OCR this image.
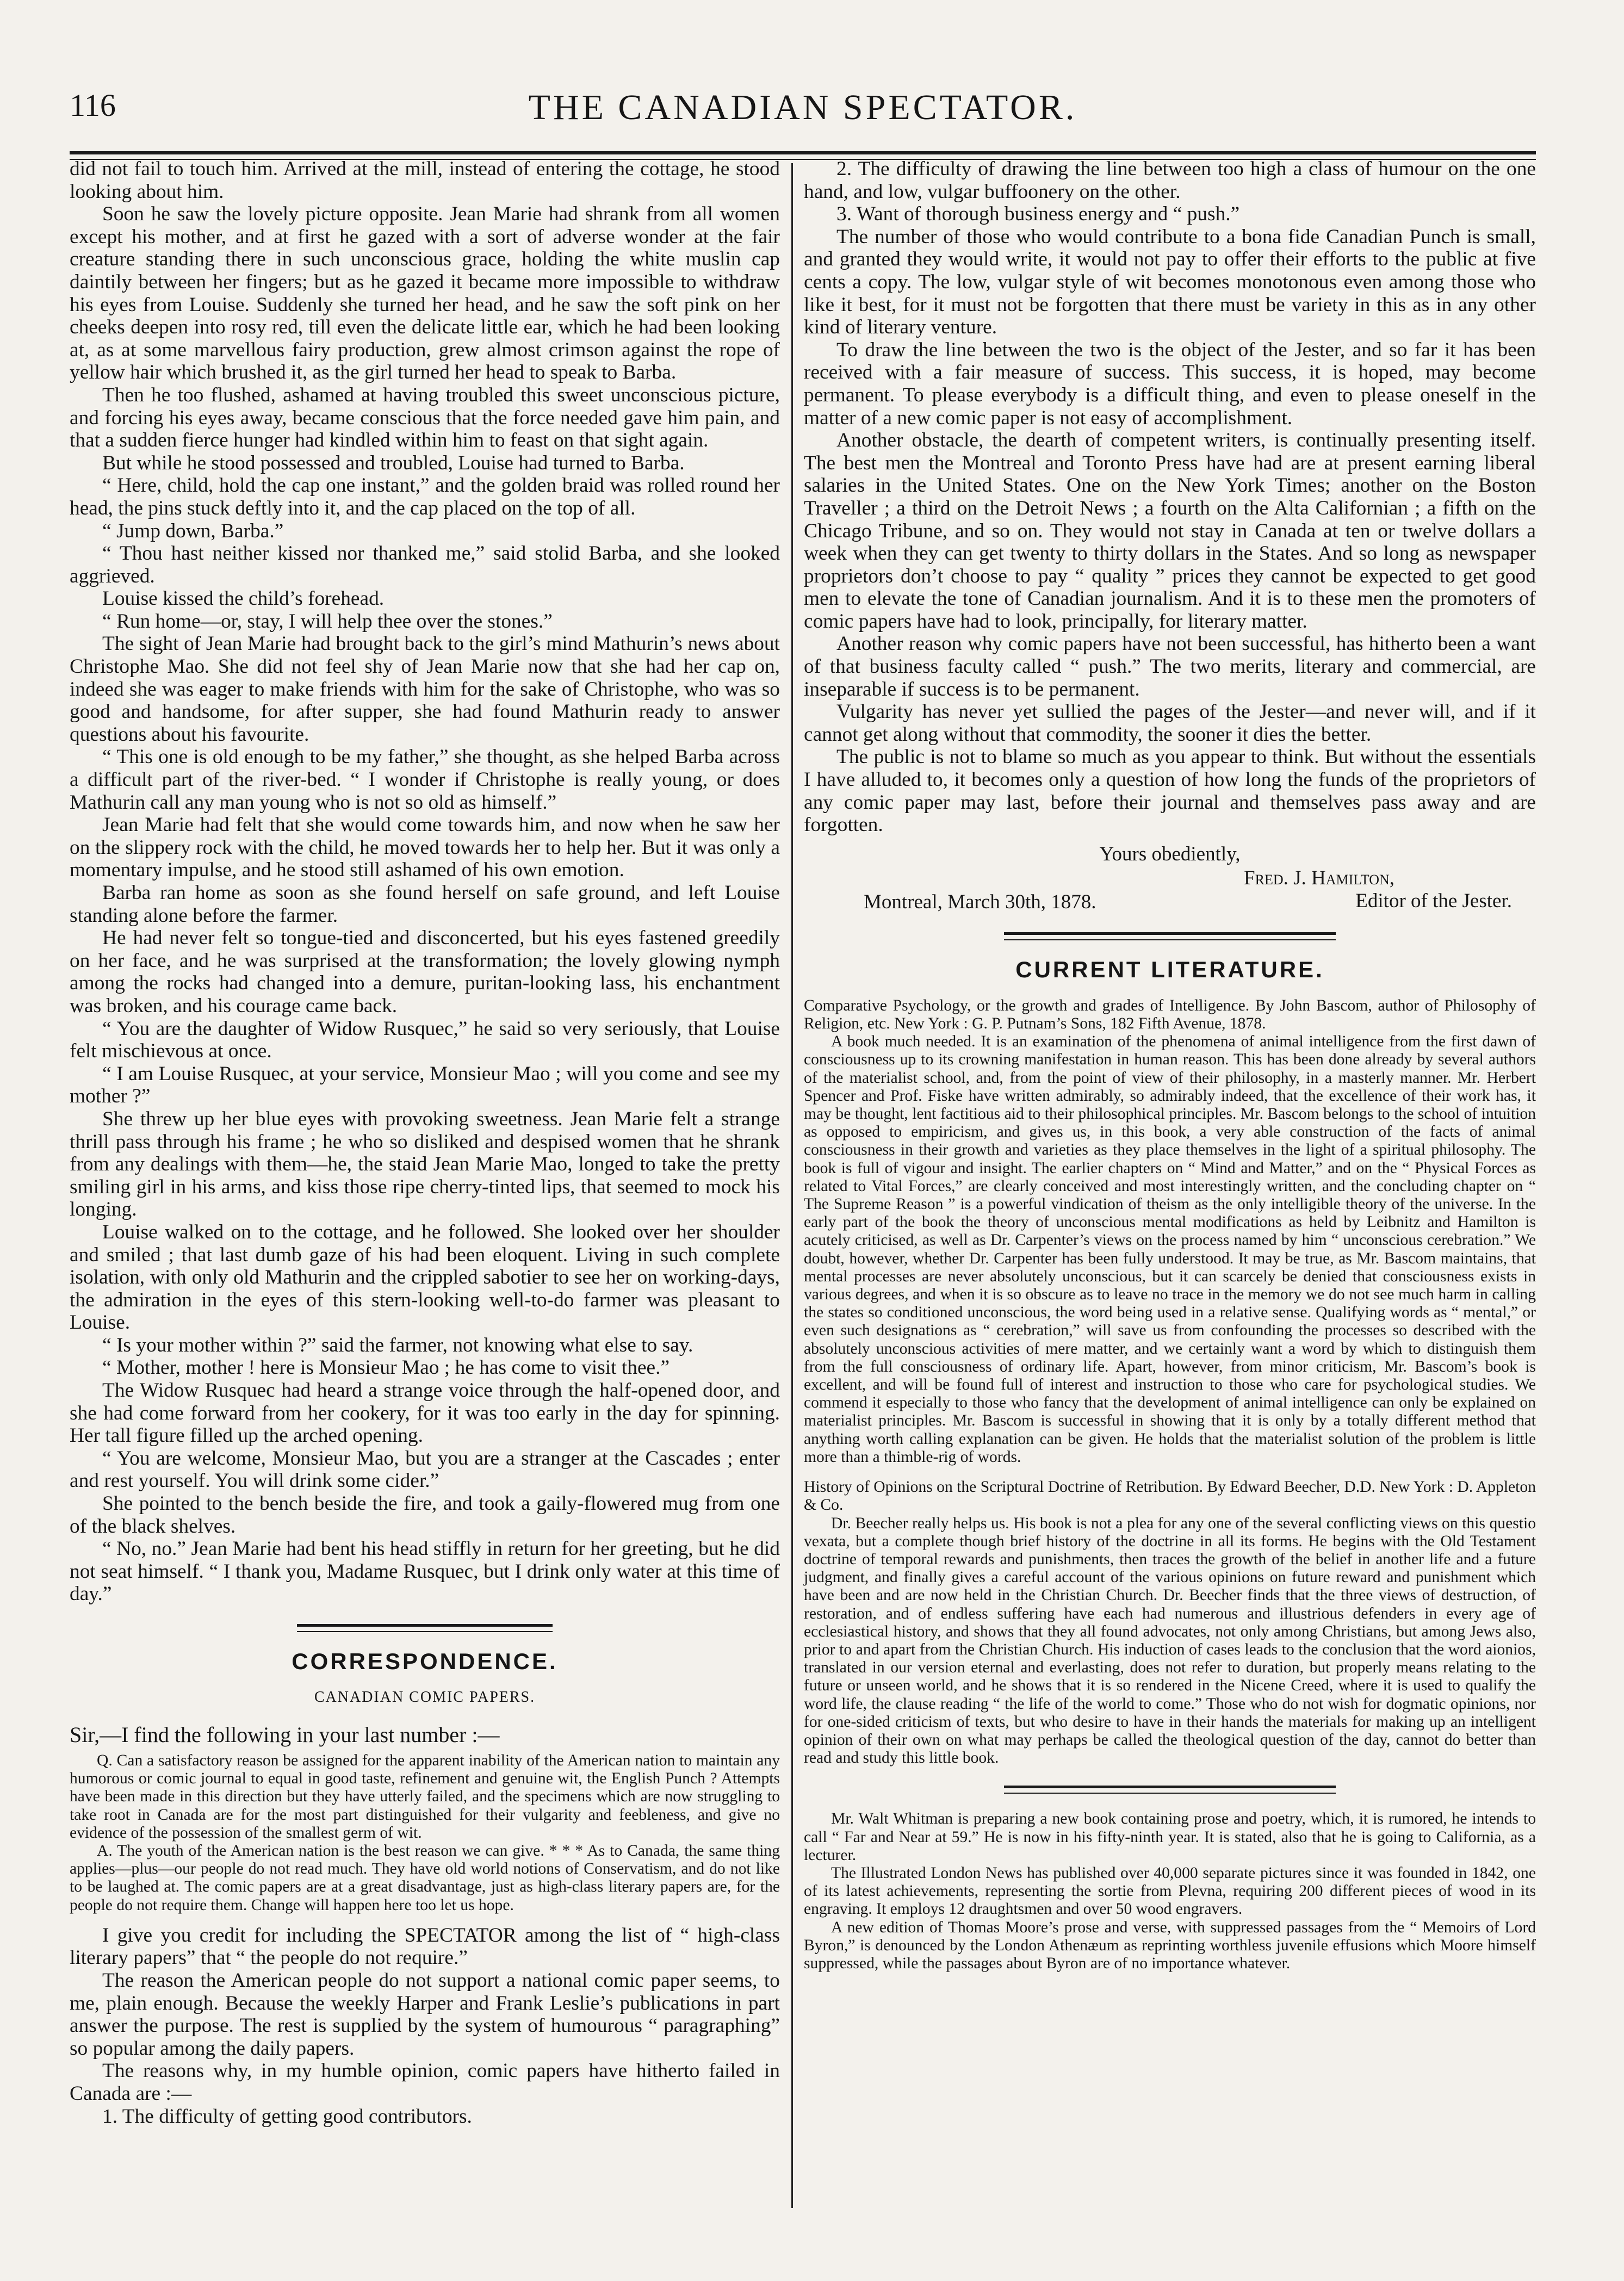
116	THE CANADIAN SPECTATOR.

did not fail to touch him. Arrived at the mill, instead of entering the cottage, he stood looking about him.

Soon he saw the lovely picture opposite. Jean Marie had shrank from all women except his mother, and at first he gazed with a sort of adverse wonder at the fair creature standing there in such unconscious grace, holding the white muslin cap daintily between her fingers; but as he gazed it became more impossible to withdraw his eyes from Louise. Suddenly she turned her head, and he saw the soft pink on her cheeks deepen into rosy red, till even the delicate little ear, which he had been looking at, as at some marvellous fairy production, grew almost crimson against the rope of yellow hair which brushed it, as the girl turned her head to speak to Barba.

Then he too flushed, ashamed at having troubled this sweet unconscious picture, and forcing his eyes away, became conscious that the force needed gave him pain, and that a sudden fierce hunger had kindled within him to feast on that sight again.

But while he stood possessed and troubled, Louise had turned to Barba.

“ Here, child, hold the cap one instant,” and the golden braid was rolled round her head, the pins stuck deftly into it, and the cap placed on the top of all.

“ Jump down, Barba.”

“ Thou hast neither kissed nor thanked me,” said stolid Barba, and she looked aggrieved.

Louise kissed the child’s forehead.

“ Run home—or, stay, I will help thee over the stones.”

The sight of Jean Marie had brought back to the girl’s mind Mathurin’s news about Christophe Mao. She did not feel shy of Jean Marie now that she had her cap on, indeed she was eager to make friends with him for the sake of Christophe, who was so good and handsome, for after supper, she had found Mathurin ready to answer questions about his favourite.

“ This one is old enough to be my father,” she thought, as she helped Barba across a difficult part of the river-bed. “ I wonder if Christophe is really young, or does Mathurin call any man young who is not so old as himself.”

Jean Marie had felt that she would come towards him, and now when he saw her on the slippery rock with the child, he moved towards her to help her. But it was only a momentary impulse, and he stood still ashamed of his own emotion.

Barba ran home as soon as she found herself on safe ground, and left Louise standing alone before the farmer.

He had never felt so tongue-tied and disconcerted, but his eyes fastened greedily on her face, and he was surprised at the transformation; the lovely glowing nymph among the rocks had changed into a demure, puritan-looking lass, his enchantment was broken, and his courage came back.

“ You are the daughter of Widow Rusquec,” he said so very seriously, that Louise felt mischievous at once.

“ I am Louise Rusquec, at your service, Monsieur Mao ; will you come and see my mother ?”

She threw up her blue eyes with provoking sweetness. Jean Marie felt a strange thrill pass through his frame ; he who so disliked and despised women that he shrank from any dealings with them—he, the staid Jean Marie Mao, longed to take the pretty smiling girl in his arms, and kiss those ripe cherry-tinted lips, that seemed to mock his longing.

Louise walked on to the cottage, and he followed. She looked over her shoulder and smiled ; that last dumb gaze of his had been eloquent. Living in such complete isolation, with only old Mathurin and the crippled sabotier to see her on working-days, the admiration in the eyes of this stern-looking well-to-do farmer was pleasant to Louise.

“ Is your mother within ?” said the farmer, not knowing what else to say.

“ Mother, mother ! here is Monsieur Mao ; he has come to visit thee.”

The Widow Rusquec had heard a strange voice through the half-opened door, and she had come forward from her cookery, for it was too early in the day for spinning. Her tall figure filled up the arched opening.

“ You are welcome, Monsieur Mao, but you are a stranger at the Cascades ; enter and rest yourself. You will drink some cider.”

She pointed to the bench beside the fire, and took a gaily-flowered mug from one of the black shelves.

“ No, no.” Jean Marie had bent his head stiffly in return for her greeting, but he did not seat himself. “ I thank you, Madame Rusquec, but I drink only water at this time of day.”

CORRESPONDENCE.
CANADIAN COMIC PAPERS.

Sir,—I find the following in your last number :—

Q. Can a satisfactory reason be assigned for the apparent inability of the American nation to maintain any humorous or comic journal to equal in good taste, refinement and genuine wit, the English Punch ? Attempts have been made in this direction but they have utterly failed, and the specimens which are now struggling to take root in Canada are for the most part distinguished for their vulgarity and feebleness, and give no evidence of the possession of the smallest germ of wit.

A. The youth of the American nation is the best reason we can give. * * * As to Canada, the same thing applies—plus—our people do not read much. They have old world notions of Conservatism, and do not like to be laughed at. The comic papers are at a great disadvantage, just as high-class literary papers are, for the people do not require them. Change will happen here too let us hope.

I give you credit for including the SPECTATOR among the list of “ high-class literary papers” that “ the people do not require.”

The reason the American people do not support a national comic paper seems, to me, plain enough. Because the weekly Harper and Frank Leslie’s publications in part answer the purpose. The rest is supplied by the system of humourous “ paragraphing” so popular among the daily papers.

The reasons why, in my humble opinion, comic papers have hitherto failed in Canada are :—

1. The difficulty of getting good contributors.

2. The difficulty of drawing the line between too high a class of humour on the one hand, and low, vulgar buffoonery on the other.

3. Want of thorough business energy and “ push.”

The number of those who would contribute to a bona fide Canadian Punch is small, and granted they would write, it would not pay to offer their efforts to the public at five cents a copy. The low, vulgar style of wit becomes monotonous even among those who like it best, for it must not be forgotten that there must be variety in this as in any other kind of literary venture.

To draw the line between the two is the object of the Jester, and so far it has been received with a fair measure of success. This success, it is hoped, may become permanent. To please everybody is a difficult thing, and even to please oneself in the matter of a new comic paper is not easy of accomplishment.

Another obstacle, the dearth of competent writers, is continually presenting itself. The best men the Montreal and Toronto Press have had are at present earning liberal salaries in the United States. One on the New York Times; another on the Boston Traveller ; a third on the Detroit News ; a fourth on the Alta Californian ; a fifth on the Chicago Tribune, and so on. They would not stay in Canada at ten or twelve dollars a week when they can get twenty to thirty dollars in the States. And so long as newspaper proprietors don’t choose to pay “ quality ” prices they cannot be expected to get good men to elevate the tone of Canadian journalism. And it is to these men the promoters of comic papers have had to look, principally, for literary matter.

Another reason why comic papers have not been successful, has hitherto been a want of that business faculty called “ push.” The two merits, literary and commercial, are inseparable if success is to be permanent.

Vulgarity has never yet sullied the pages of the Jester—and never will, and if it cannot get along without that commodity, the sooner it dies the better.

The public is not to blame so much as you appear to think. But without the essentials I have alluded to, it becomes only a question of how long the funds of the proprietors of any comic paper may last, before their journal and themselves pass away and are forgotten.

Yours obediently,
Fred. J. Hamilton,
Editor of the Jester.
Montreal, March 30th, 1878.
CURRENT LITERATURE.

Comparative Psychology, or the growth and grades of Intelligence. By John Bascom, author of Philosophy of Religion, etc. New York : G. P. Putnam’s Sons, 182 Fifth Avenue, 1878.

A book much needed. It is an examination of the phenomena of animal intelligence from the first dawn of consciousness up to its crowning manifestation in human reason. This has been done already by several authors of the materialist school, and, from the point of view of their philosophy, in a masterly manner. Mr. Herbert Spencer and Prof. Fiske have written admirably, so admirably indeed, that the excellence of their work has, it may be thought, lent factitious aid to their philosophical principles. Mr. Bascom belongs to the school of intuition as opposed to empiricism, and gives us, in this book, a very able construction of the facts of animal consciousness in their growth and varieties as they place themselves in the light of a spiritual philosophy. The book is full of vigour and insight. The earlier chapters on “ Mind and Matter,” and on the “ Physical Forces as related to Vital Forces,” are clearly conceived and most interestingly written, and the concluding chapter on “ The Supreme Reason ” is a powerful vindication of theism as the only intelligible theory of the universe. In the early part of the book the theory of unconscious mental modifications as held by Leibnitz and Hamilton is acutely criticised, as well as Dr. Carpenter’s views on the process named by him “ unconscious cerebration.” We doubt, however, whether Dr. Carpenter has been fully understood. It may be true, as Mr. Bascom maintains, that mental processes are never absolutely unconscious, but it can scarcely be denied that consciousness exists in various degrees, and when it is so obscure as to leave no trace in the memory we do not see much harm in calling the states so conditioned unconscious, the word being used in a relative sense. Qualifying words as “ mental,” or even such designations as “ cerebration,” will save us from confounding the processes so described with the absolutely unconscious activities of mere matter, and we certainly want a word by which to distinguish them from the full consciousness of ordinary life. Apart, however, from minor criticism, Mr. Bascom’s book is excellent, and will be found full of interest and instruction to those who care for psychological studies. We commend it especially to those who fancy that the development of animal intelligence can only be explained on materialist principles. Mr. Bascom is successful in showing that it is only by a totally different method that anything worth calling explanation can be given. He holds that the materialist solution of the problem is little more than a thimble-rig of words.

History of Opinions on the Scriptural Doctrine of Retribution. By Edward Beecher, D.D. New York : D. Appleton & Co.

Dr. Beecher really helps us. His book is not a plea for any one of the several conflicting views on this questio vexata, but a complete though brief history of the doctrine in all its forms. He begins with the Old Testament doctrine of temporal rewards and punishments, then traces the growth of the belief in another life and a future judgment, and finally gives a careful account of the various opinions on future reward and punishment which have been and are now held in the Christian Church. Dr. Beecher finds that the three views of destruction, of restoration, and of endless suffering have each had numerous and illustrious defenders in every age of ecclesiastical history, and shows that they all found advocates, not only among Christians, but among Jews also, prior to and apart from the Christian Church. His induction of cases leads to the conclusion that the word aionios, translated in our version eternal and everlasting, does not refer to duration, but properly means relating to the future or unseen world, and he shows that it is so rendered in the Nicene Creed, where it is used to qualify the word life, the clause reading “ the life of the world to come.” Those who do not wish for dogmatic opinions, nor for one-sided criticism of texts, but who desire to have in their hands the materials for making up an intelligent opinion of their own on what may perhaps be called the theological question of the day, cannot do better than read and study this little book.

Mr. Walt Whitman is preparing a new book containing prose and poetry, which, it is rumored, he intends to call “ Far and Near at 59.” He is now in his fifty-ninth year. It is stated, also that he is going to California, as a lecturer.

The Illustrated London News has published over 40,000 separate pictures since it was founded in 1842, one of its latest achievements, representing the sortie from Plevna, requiring 200 different pieces of wood in its engraving. It employs 12 draughtsmen and over 50 wood engravers.

A new edition of Thomas Moore’s prose and verse, with suppressed passages from the “ Memoirs of Lord Byron,” is denounced by the London Athenæum as reprinting worthless juvenile effusions which Moore himself suppressed, while the passages about Byron are of no importance whatever.
